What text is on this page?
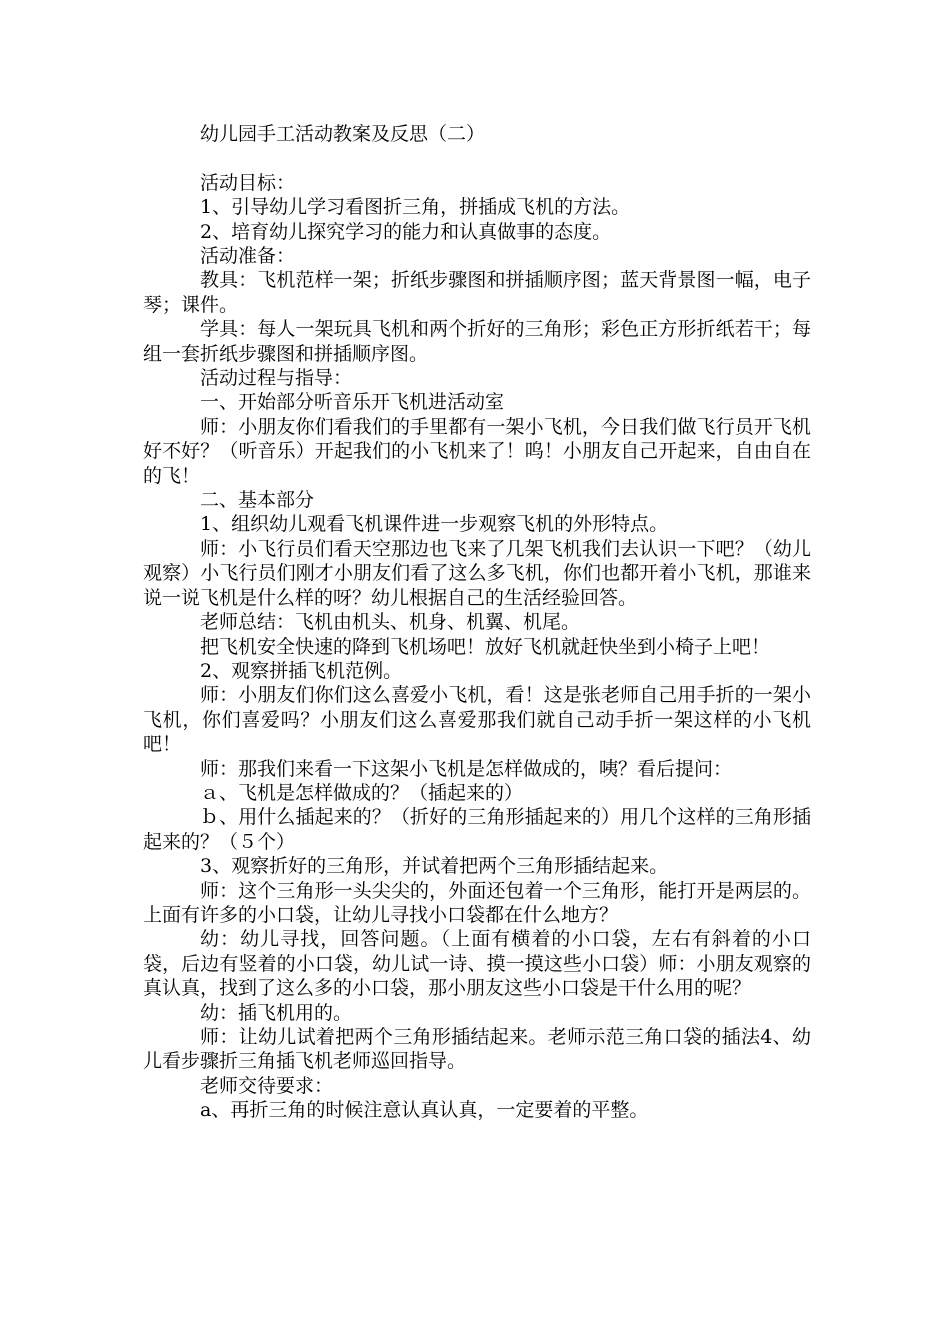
幼儿园手工活动教案及反思（二）

活动目标：

1、引导幼儿学习看图折三角，拼插成飞机的方法。

2、培育幼儿探究学习的能力和认真做事的态度。

活动准备：

教具：飞机范样一架；折纸步骤图和拼插顺序图；蓝天背景图一幅，电子琴；课件。

学具：每人一架玩具飞机和两个折好的三角形；彩色正方形折纸若干；每组一套折纸步骤图和拼插顺序图。

活动过程与指导：

一、开始部分听音乐开飞机进活动室

师：小朋友你们看我们的手里都有一架小飞机，今日我们做飞行员开飞机好不好？（听音乐）开起我们的小飞机来了！呜！小朋友自己开起来，自由自在的飞！

二、基本部分

1、组织幼儿观看飞机课件进一步观察飞机的外形特点。

师：小飞行员们看天空那边也飞来了几架飞机我们去认识一下吧？（幼儿观察）小飞行员们刚才小朋友们看了这么多飞机，你们也都开着小飞机，那谁来说一说飞机是什么样的呀？幼儿根据自己的生活经验回答。

老师总结：飞机由机头、机身、机翼、机尾。

把飞机安全快速的降到飞机场吧！放好飞机就赶快坐到小椅子上吧！

2、观察拼插飞机范例。

师：小朋友们你们这么喜爱小飞机，看！这是张老师自己用手折的一架小飞机，你们喜爱吗？小朋友们这么喜爱那我们就自己动手折一架这样的小飞机吧！

师：那我们来看一下这架小飞机是怎样做成的，咦？看后提问：

ａ、飞机是怎样做成的？（插起来的）

ｂ、用什么插起来的？（折好的三角形插起来的）用几个这样的三角形插起来的？（５个）

3、观察折好的三角形，并试着把两个三角形插结起来。

师：这个三角形一头尖尖的，外面还包着一个三角形，能打开是两层的。上面有许多的小口袋，让幼儿寻找小口袋都在什么地方？

幼：幼儿寻找，回答问题。（上面有横着的小口袋，左右有斜着的小口袋，后边有竖着的小口袋，幼儿试一诗、摸一摸这些小口袋）师：小朋友观察的真认真，找到了这么多的小口袋，那小朋友这些小口袋是干什么用的呢？

幼：插飞机用的。

师：让幼儿试着把两个三角形插结起来。老师示范三角口袋的插法4、幼儿看步骤折三角插飞机老师巡回指导。

老师交待要求：

a、再折三角的时候注意认真认真，一定要着的平整。
